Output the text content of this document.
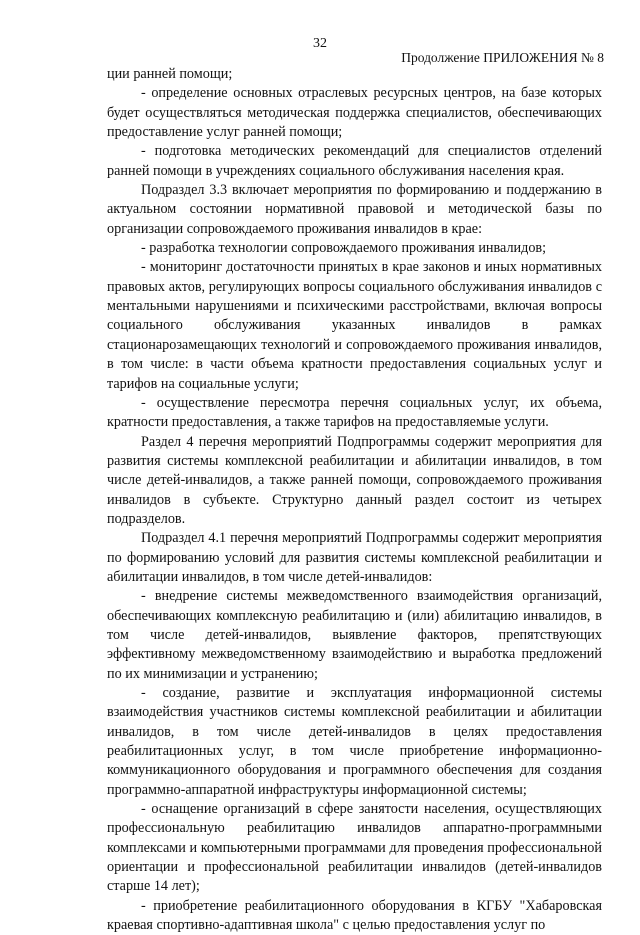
32
Продолжение ПРИЛОЖЕНИЯ № 8

ции ранней помощи;

- определение основных отраслевых ресурсных центров, на базе которых будет осуществляться методическая поддержка специалистов, обеспечивающих предоставление услуг ранней помощи;

- подготовка методических рекомендаций для специалистов отделений ранней помощи в учреждениях социального обслуживания населения края.

Подраздел 3.3 включает мероприятия по формированию и поддержанию в актуальном состоянии нормативной правовой и методической базы по организации сопровождаемого проживания инвалидов в крае:

- разработка технологии сопровождаемого проживания инвалидов;

- мониторинг достаточности принятых в крае законов и иных нормативных правовых актов, регулирующих вопросы социального обслуживания инвалидов с ментальными нарушениями и психическими расстройствами, включая вопросы социального обслуживания указанных инвалидов в рамках стационарозамещающих технологий и сопровождаемого проживания инвалидов, в том числе: в части объема кратности предоставления социальных услуг и тарифов на социальные услуги;

- осуществление пересмотра перечня социальных услуг, их объема, кратности предоставления, а также тарифов на предоставляемые услуги.

Раздел 4 перечня мероприятий Подпрограммы содержит мероприятия для развития системы комплексной реабилитации и абилитации инвалидов, в том числе детей-инвалидов, а также ранней помощи, сопровождаемого проживания инвалидов в субъекте. Структурно данный раздел состоит из четырех подразделов.

Подраздел 4.1 перечня мероприятий Подпрограммы содержит мероприятия по формированию условий для развития системы комплексной реабилитации и абилитации инвалидов, в том числе детей-инвалидов:

- внедрение системы межведомственного взаимодействия организаций, обеспечивающих комплексную реабилитацию и (или) абилитацию инвалидов, в том числе детей-инвалидов, выявление факторов, препятствующих эффективному межведомственному взаимодействию и выработка предложений по их минимизации и устранению;

- создание, развитие и эксплуатация информационной системы взаимодействия участников системы комплексной реабилитации и абилитации инвалидов, в том числе детей-инвалидов в целях предоставления реабилитационных услуг, в том числе приобретение информационно-коммуникационного оборудования и программного обеспечения для создания программно-аппаратной инфраструктуры информационной системы;

- оснащение организаций в сфере занятости населения, осуществляющих профессиональную реабилитацию инвалидов аппаратно-программными комплексами и компьютерными программами для проведения профессиональной ориентации и профессиональной реабилитации инвалидов (детей-инвалидов старше 14 лет);

- приобретение реабилитационного оборудования в КГБУ "Хабаровская краевая спортивно-адаптивная школа" с целью предоставления услуг по
